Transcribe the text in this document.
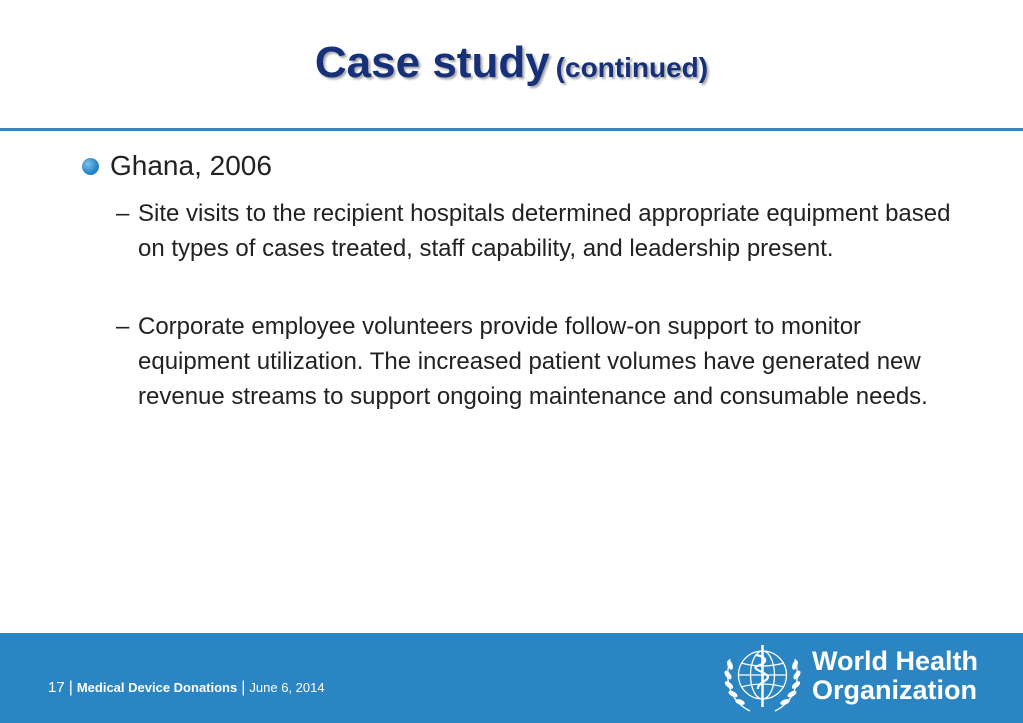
Case study (continued)
Ghana, 2006
– Site visits to the recipient hospitals determined appropriate equipment based on types of cases treated, staff capability, and leadership present.
– Corporate employee volunteers provide follow-on support to monitor equipment utilization. The increased patient volumes have generated new revenue streams to support ongoing maintenance and consumable needs.
17 | Medical Device Donations | June 6, 2014
World Health
Organization
